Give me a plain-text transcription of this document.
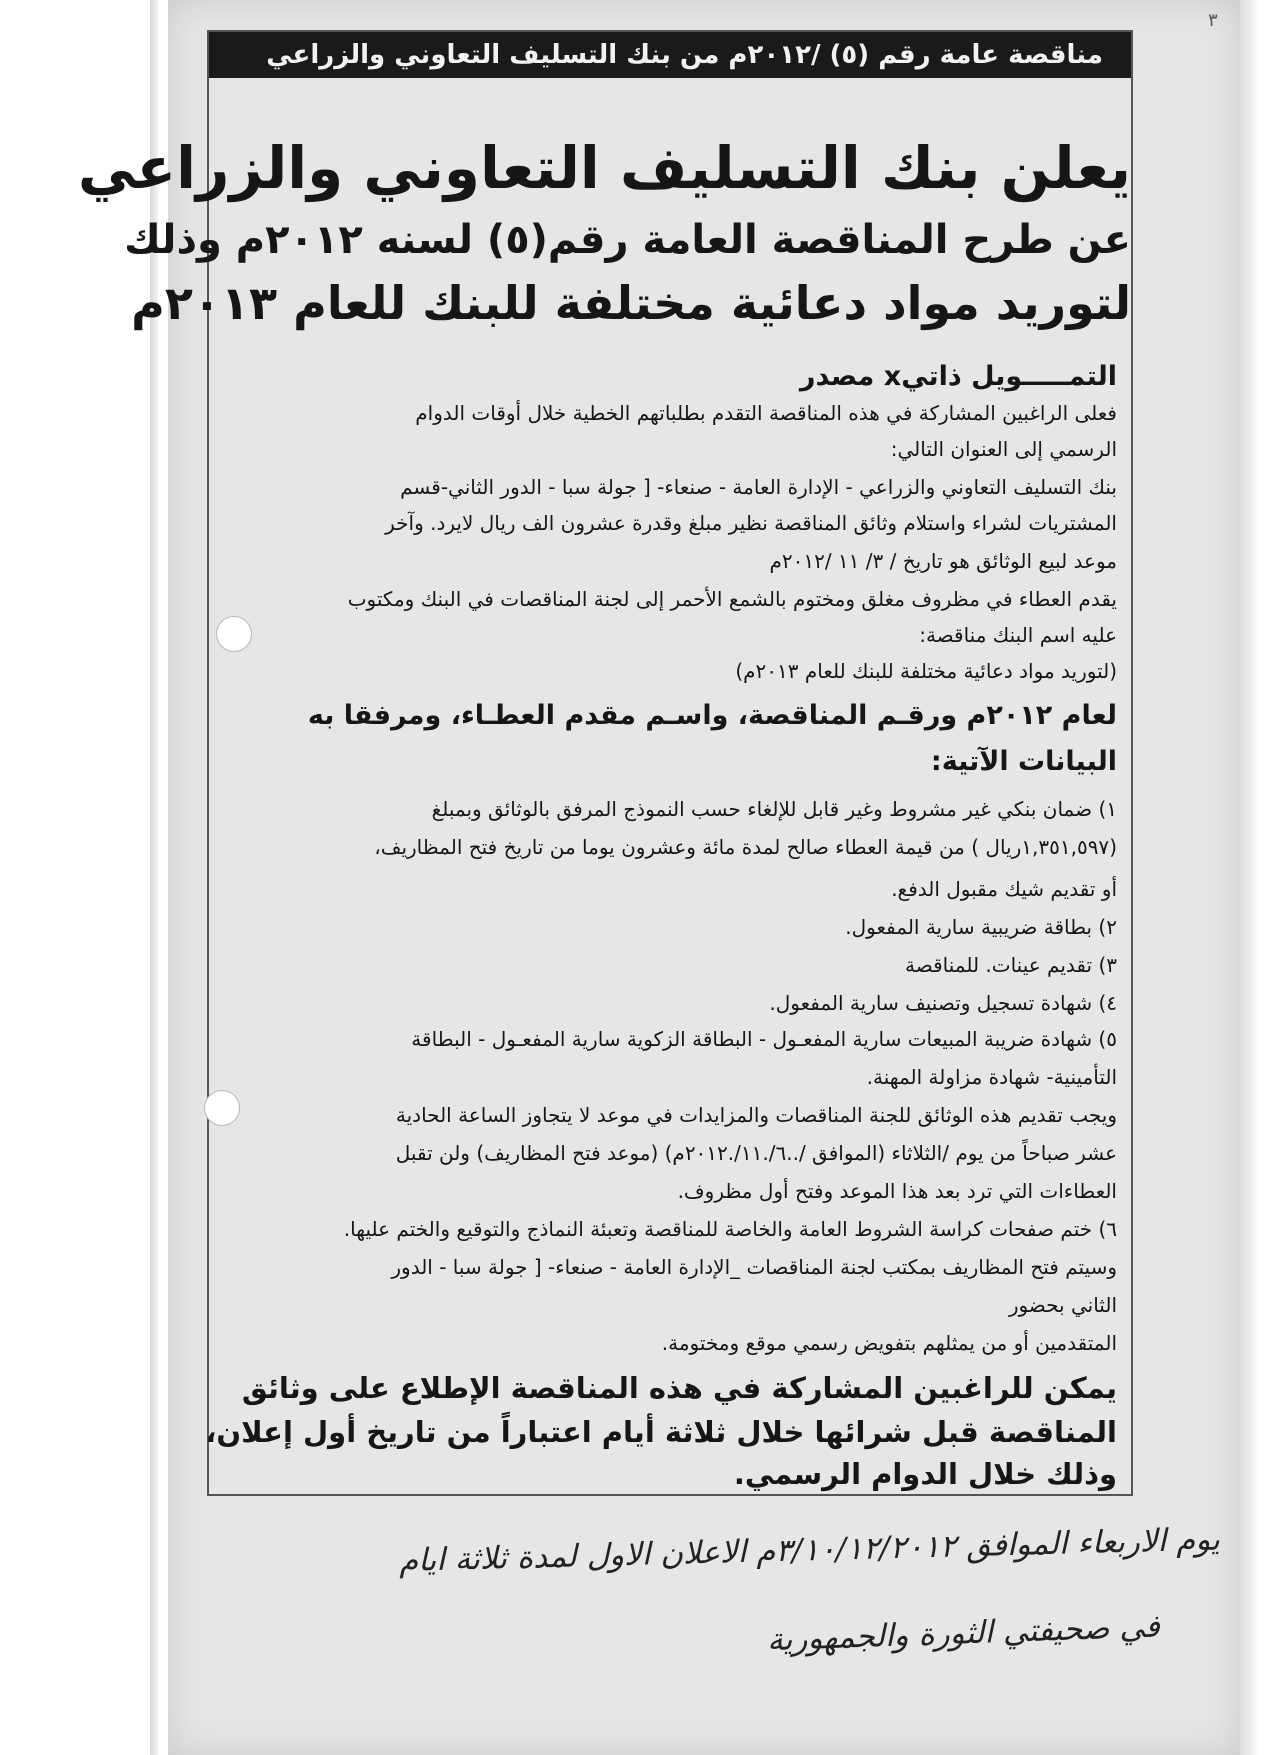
٣
مناقصة عامة رقم (٥) /٢٠١٢م من بنك التسليف التعاوني والزراعي
يعلن بنك التسليف التعاوني والزراعي
عن طرح المناقصة العامة رقم(٥) لسنه ٢٠١٢م وذلك
لتوريد مواد دعائية مختلفة للبنك للعام ٢٠١٣م
التمـــــويل ذاتيx مصدر
فعلى الراغبين المشاركة في هذه المناقصة التقدم بطلباتهم الخطية خلال أوقات الدوام
الرسمي إلى العنوان التالي:
بنك التسليف التعاوني والزراعي - الإدارة العامة - صنعاء- [ جولة سبا - الدور الثاني-قسم
المشتريات لشراء واستلام وثائق المناقصة نظير مبلغ وقدرة عشرون الف ريال لايرد. وآخر
موعد لبيع الوثائق هو تاريخ / ٣/ ١١ /٢٠١٢م
يقدم العطاء في مظروف مغلق ومختوم بالشمع الأحمر إلى لجنة المناقصات في البنك ومكتوب
عليه اسم البنك مناقصة:
(لتوريد مواد دعائية مختلفة للبنك للعام ٢٠١٣م)
لعام ٢٠١٢م ورقـم المناقصة، واسـم مقدم العطـاء، ومرفقا به
البيانات الآتية:
١) ضمان بنكي غير مشروط وغير قابل للإلغاء حسب النموذج المرفق بالوثائق وبمبلغ
(١,٣٥١,٥٩٧ريال ) من قيمة العطاء صالح لمدة مائة وعشرون يوما من تاريخ فتح المظاريف،
أو تقديم شيك مقبول الدفع.
٢) بطاقة ضريبية سارية المفعول.
٣) تقديم عينات. للمناقصة
٤) شهادة تسجيل وتصنيف سارية المفعول.
٥) شهادة ضريبة المبيعات سارية المفعـول - البطاقة الزكوية سارية المفعـول - البطاقة
التأمينية- شهادة مزاولة المهنة.
ويجب تقديم هذه الوثائق للجنة المناقصات والمزايدات في موعد لا يتجاوز الساعة الحادية
عشر صباحاً من يوم /الثلاثاء (الموافق /..٦/.١١/.٢٠١٢م) (موعد فتح المظاريف) ولن تقبل
العطاءات التي ترد بعد هذا الموعد وفتح أول مظروف.
٦) ختم صفحات كراسة الشروط العامة والخاصة للمناقصة وتعبئة النماذج والتوقيع والختم عليها.
وسيتم فتح المظاريف بمكتب لجنة المناقصات _الإدارة العامة - صنعاء- [ جولة سبا - الدور
الثاني بحضور
المتقدمين أو من يمثلهم بتفويض رسمي موقع ومختومة.
يمكن للراغبين المشاركة في هذه المناقصة الإطلاع على وثائق
المناقصة قبل شرائها خلال ثلاثة أيام اعتباراً من تاريخ أول إعلان،
وذلك خلال الدوام الرسمي.
يوم الاربعاء الموافق ٣/١٠/١٢/٢٠١٢م الاعلان الاول لمدة ثلاثة ايام
في صحيفتي الثورة والجمهورية
